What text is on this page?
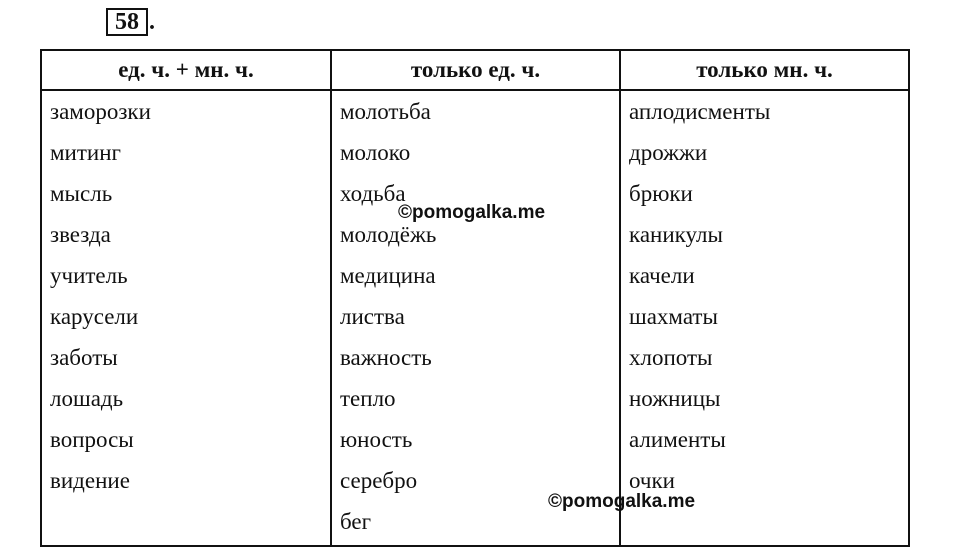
58 .
ед. ч. + мн. ч.	только ед. ч.	только мн. ч.
заморозки
митинг
мысль
звезда
учитель
карусели
заботы
лошадь
вопросы
видение
молотьба
молоко
ходьба
молодёжь
медицина
листва
важность
тепло
юность
серебро
бег
аплодисменты
дрожжи
брюки
каникулы
качели
шахматы
хлопоты
ножницы
алименты
очки
©pomogalka.me
©pomogalka.me
